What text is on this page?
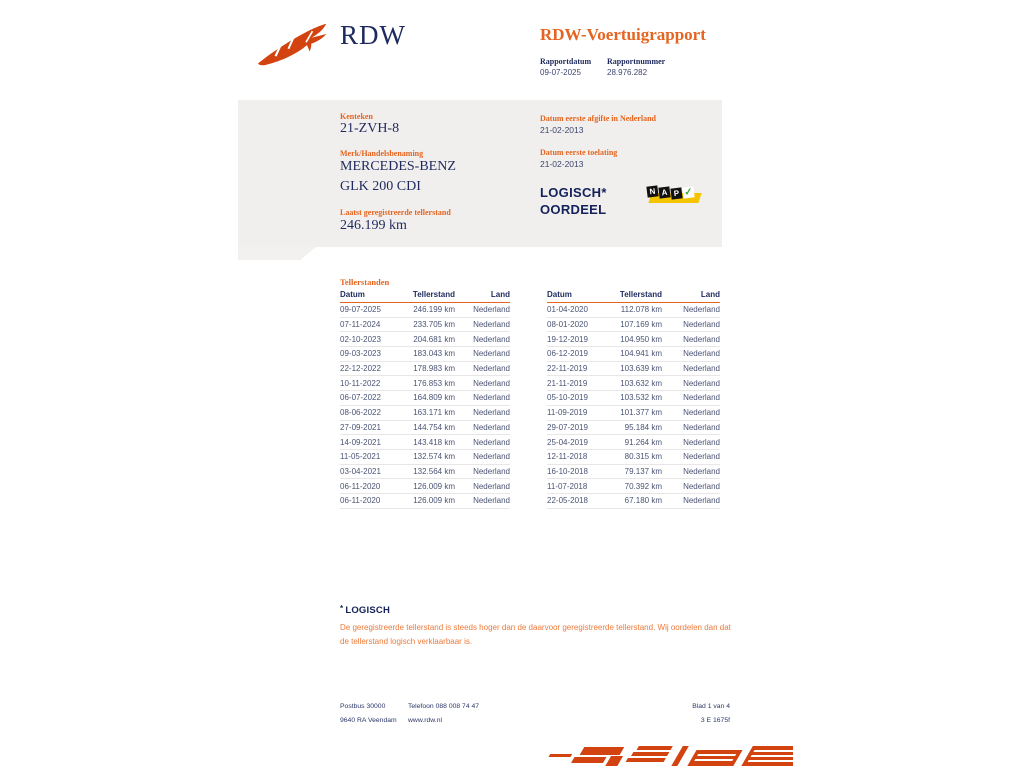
RDW	RDW-Voertuigrapport
Rapportdatum Rapportnummer
09-07-2025	28.976.282
Kenteken
21-ZVH-8
Merk/Handelsbenaming
MERCEDES-BENZ
GLK 200 CDI
Laatst geregistreerde tellerstand
246.199 km
Datum eerste afgifte in Nederland
21-02-2013
Datum eerste toelating
21-02-2013
LOGISCH*
OORDEEL
N A P ✓
Tellerstanden
Datum	Tellerstand	Land
09-07-2025	246.199 km	Nederland
07-11-2024	233.705 km	Nederland
02-10-2023	204.681 km	Nederland
09-03-2023	183.043 km	Nederland
22-12-2022	178.983 km	Nederland
10-11-2022	176.853 km	Nederland
06-07-2022	164.809 km	Nederland
08-06-2022	163.171 km	Nederland
27-09-2021	144.754 km	Nederland
14-09-2021	143.418 km	Nederland
11-05-2021	132.574 km	Nederland
03-04-2021	132.564 km	Nederland
06-11-2020	126.009 km	Nederland
06-11-2020	126.009 km	Nederland
Datum	Tellerstand	Land
01-04-2020	112.078 km	Nederland
08-01-2020	107.169 km	Nederland
19-12-2019	104.950 km	Nederland
06-12-2019	104.941 km	Nederland
22-11-2019	103.639 km	Nederland
21-11-2019	103.632 km	Nederland
05-10-2019	103.532 km	Nederland
11-09-2019	101.377 km	Nederland
29-07-2019	95.184 km	Nederland
25-04-2019	91.264 km	Nederland
12-11-2018	80.315 km	Nederland
16-10-2018	79.137 km	Nederland
11-07-2018	70.392 km	Nederland
22-05-2018	67.180 km	Nederland
* LOGISCH
De geregistreerde tellerstand is steeds hoger dan de daarvoor geregistreerde tellerstand. Wij oordelen dan dat de tellerstand logisch verklaarbaar is.
Postbus 30000
9640 RA Veendam
Telefoon 088 008 74 47
www.rdw.nl
Blad 1 van 4
3 E 1675f
